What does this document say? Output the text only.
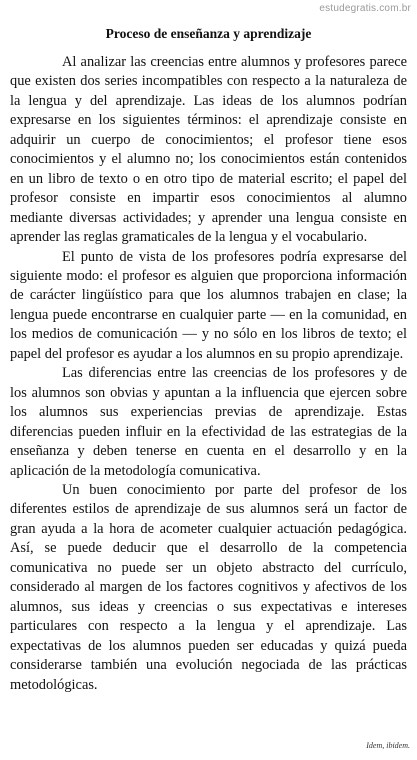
estudegratis.com.br
Proceso de enseñanza y aprendizaje

Al analizar las creencias entre alumnos y profesores parece que existen dos series incompatibles con respecto a la naturaleza de la lengua y del aprendizaje. Las ideas de los alumnos podrían expresarse en los siguientes términos: el aprendizaje consiste en adquirir un cuerpo de conocimientos; el profesor tiene esos conocimientos y el alumno no; los conocimientos están contenidos en un libro de texto o en otro tipo de material escrito; el papel del profesor consiste en impartir esos conocimientos al alumno mediante diversas actividades; y aprender una lengua consiste en aprender las reglas gramaticales de la lengua y el vocabulario.

El punto de vista de los profesores podría expresarse del siguiente modo: el profesor es alguien que proporciona información de carácter lingüístico para que los alumnos trabajen en clase; la lengua puede encontrarse en cualquier parte — en la comunidad, en los medios de comunicación — y no sólo en los libros de texto; el papel del profesor es ayudar a los alumnos en su propio aprendizaje.

Las diferencias entre las creencias de los profesores y de los alumnos son obvias y apuntan a la influencia que ejercen sobre los alumnos sus experiencias previas de aprendizaje. Estas diferencias pueden influir en la efectividad de las estrategias de la enseñanza y deben tenerse en cuenta en el desarrollo y en la aplicación de la metodología comunicativa.

Un buen conocimiento por parte del profesor de los diferentes estilos de aprendizaje de sus alumnos será un factor de gran ayuda a la hora de acometer cualquier actuación pedagógica. Así, se puede deducir que el desarrollo de la competencia comunicativa no puede ser un objeto abstracto del currículo, considerado al margen de los factores cognitivos y afectivos de los alumnos, sus ideas y creencias o sus expectativas e intereses particulares con respecto a la lengua y el aprendizaje. Las expectativas de los alumnos pueden ser educadas y quizá pueda considerarse también una evolución negociada de las prácticas metodológicas.

Idem, ibidem.
